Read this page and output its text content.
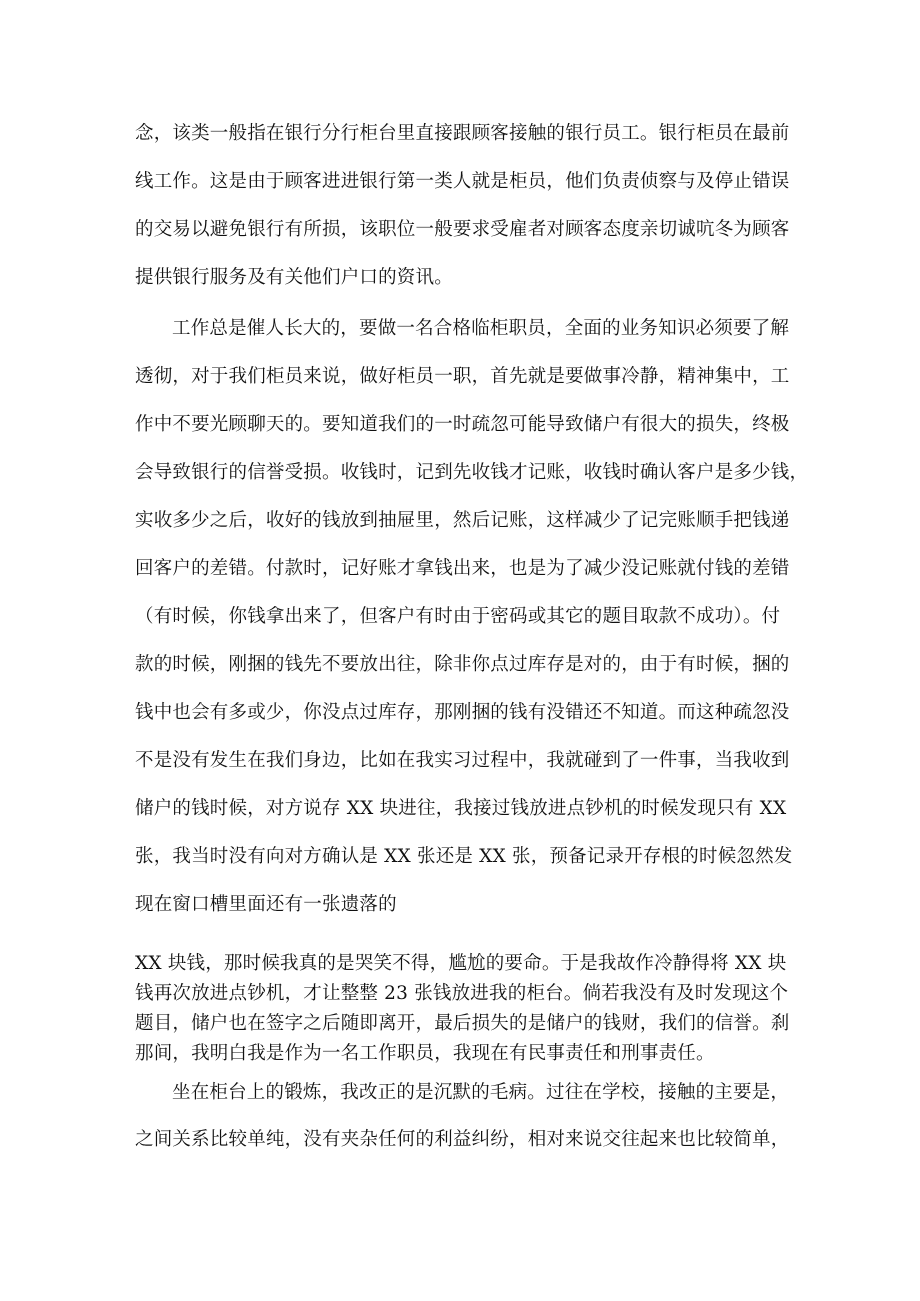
念，该类一般指在银行分行柜台里直接跟顾客接触的银行员工。银行柜员在最前
线工作。这是由于顾客进进银行第一类人就是柜员，他们负责侦察与及停止错误
的交易以避免银行有所损，该职位一般要求受雇者对顾客态度亲切诚吭冬为顾客
提供银行服务及有关他们户口的资讯。
工作总是催人长大的，要做一名合格临柜职员，全面的业务知识必须要了解
透彻，对于我们柜员来说，做好柜员一职，首先就是要做事冷静，精神集中，工
作中不要光顾聊天的。要知道我们的一时疏忽可能导致储户有很大的损失，终极
会导致银行的信誉受损。收钱时，记到先收钱才记账，收钱时确认客户是多少钱，
实收多少之后，收好的钱放到抽屉里，然后记账，这样减少了记完账顺手把钱递
回客户的差错。付款时，记好账才拿钱出来，也是为了减少没记账就付钱的差错
（有时候，你钱拿出来了，但客户有时由于密码或其它的题目取款不成功）。付
款的时候，刚捆的钱先不要放出往，除非你点过库存是对的，由于有时候，捆的
钱中也会有多或少，你没点过库存，那刚捆的钱有没错还不知道。而这种疏忽没
不是没有发生在我们身边，比如在我实习过程中，我就碰到了一件事，当我收到
储户的钱时候，对方说存 XX 块进往，我接过钱放进点钞机的时候发现只有 XX
张，我当时没有向对方确认是 XX 张还是 XX 张，预备记录开存根的时候忽然发
现在窗口槽里面还有一张遗落的
XX 块钱，那时候我真的是哭笑不得，尴尬的要命。于是我故作冷静得将 XX 块
钱再次放进点钞机，才让整整 23 张钱放进我的柜台。倘若我没有及时发现这个
题目，储户也在签字之后随即离开，最后损失的是储户的钱财，我们的信誉。刹
那间，我明白我是作为一名工作职员，我现在有民事责任和刑事责任。
坐在柜台上的锻炼，我改正的是沉默的毛病。过往在学校，接触的主要是，
之间关系比较单纯，没有夹杂任何的利益纠纷，相对来说交往起来也比较简单，
